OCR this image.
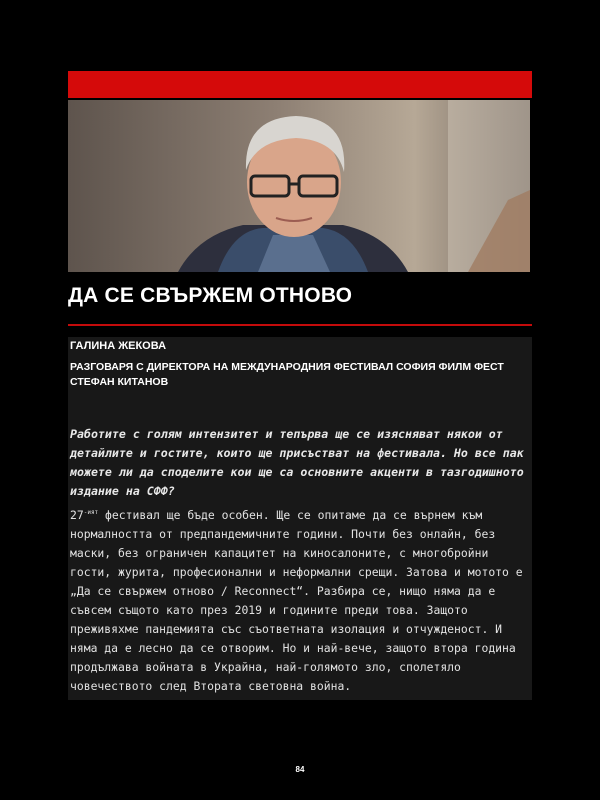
ДА СЕ СВЪРЖЕМ ОТНОВО
ГАЛИНА ЖЕКОВА
РАЗГОВАРЯ С ДИРЕКТОРА НА МЕЖДУНАРОДНИЯ ФЕСТИВАЛ СОФИЯ ФИЛМ ФЕСТ СТЕФАН КИТАНОВ
Работите с голям интензитет и тепърва ще се изясняват някои от детайлите и гостите, които ще присъстват на фестивала. Но все пак можете ли да споделите кои ще са основните акценти в тазгодишното издание на СФФ?
$27^{-ият}$ фестивал ще бъде особен. Ще се опитаме да се върнем към нормалността от предпандемичните години. Почти без онлайн, без маски, без ограничен капацитет на киносалоните, с многобройни гости, журита, професионални и неформални срещи. Затова и мотото е „Да се свържем отново / Reconnect“. Разбира се, нищо няма да е съвсем същото като през 2019 и годините преди това. Защото преживяхме пандемията със съответната изолация и отчужденост. И няма да е лесно да се отворим. Но и най-вече, защото втора година продължава войната в Украйна, най-голямото зло, сполетяло човечеството след Втората световна война.
84
